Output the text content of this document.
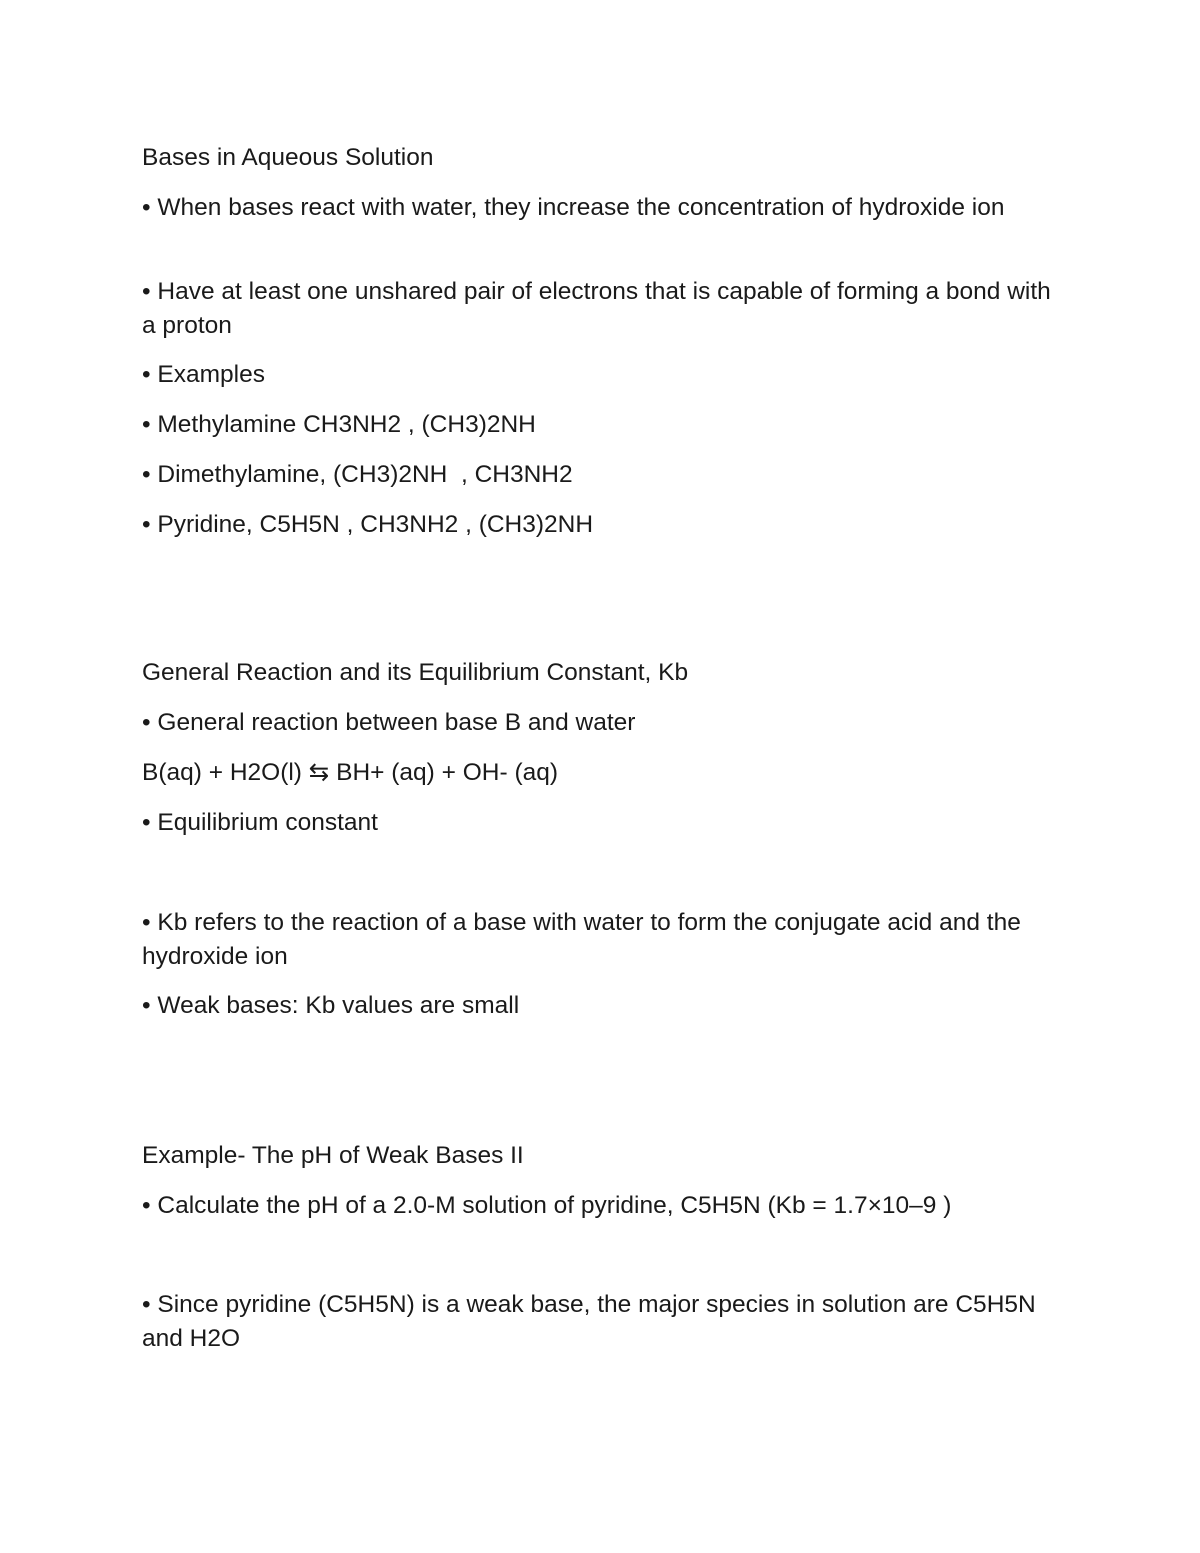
Bases in Aqueous Solution

• When bases react with water, they increase the concentration of hydroxide ion

• Have at least one unshared pair of electrons that is capable of forming a bond with a proton

• Examples

• Methylamine CH3NH2 , (CH3)2NH

• Dimethylamine, (CH3)2NH  , CH3NH2

• Pyridine, C5H5N , CH3NH2 , (CH3)2NH

General Reaction and its Equilibrium Constant, Kb

• General reaction between base B and water

B(aq) + H2O(l) ⇆ BH+ (aq) + OH- (aq)

• Equilibrium constant

• Kb refers to the reaction of a base with water to form the conjugate acid and the hydroxide ion

• Weak bases: Kb values are small

Example- The pH of Weak Bases II

• Calculate the pH of a 2.0-M solution of pyridine, C5H5N (Kb = 1.7×10–9 )

• Since pyridine (C5H5N) is a weak base, the major species in solution are C5H5N and H2O
